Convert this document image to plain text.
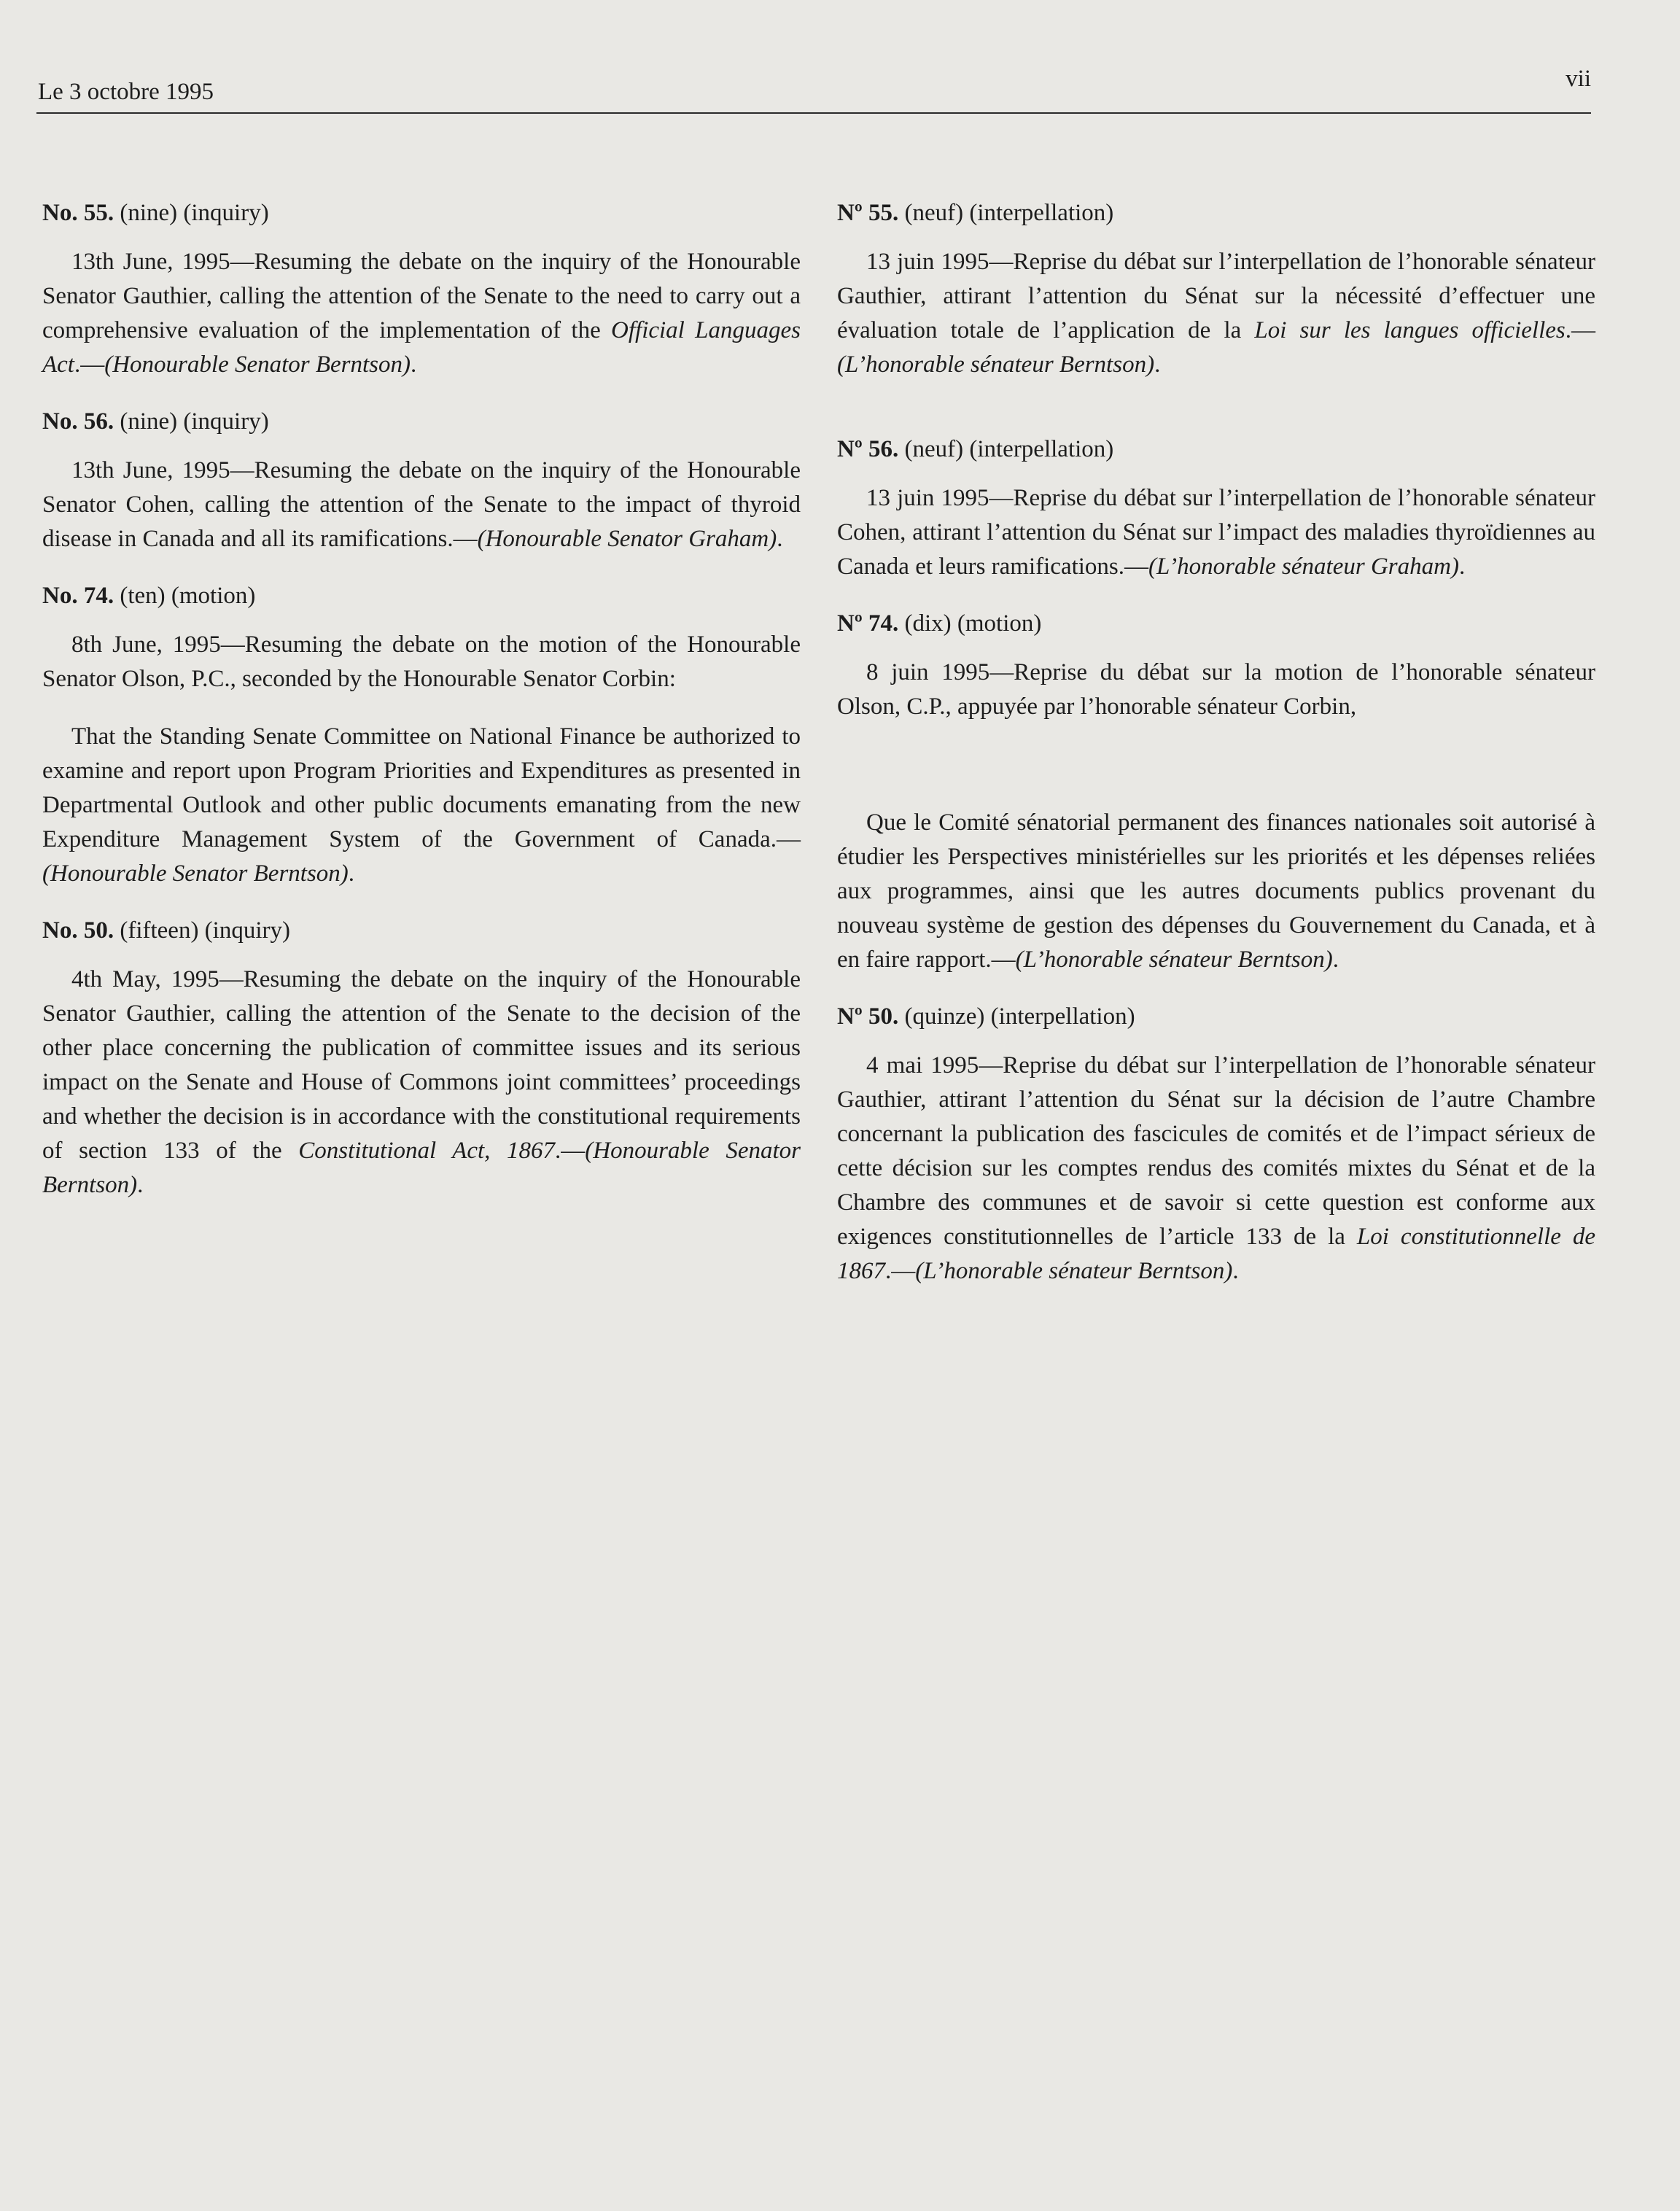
Le 3 octobre 1995	vii

No. 55. (nine) (inquiry)

13th June, 1995—Resuming the debate on the inquiry of the Honourable Senator Gauthier, calling the attention of the Senate to the need to carry out a comprehensive evaluation of the implementation of the Official Languages Act.—(Honourable Senator Berntson).

No. 56. (nine) (inquiry)

13th June, 1995—Resuming the debate on the inquiry of the Honourable Senator Cohen, calling the attention of the Senate to the impact of thyroid disease in Canada and all its ramifications.—(Honourable Senator Graham).

No. 74. (ten) (motion)

8th June, 1995—Resuming the debate on the motion of the Honourable Senator Olson, P.C., seconded by the Honourable Senator Corbin:

That the Standing Senate Committee on National Finance be authorized to examine and report upon Program Priorities and Expenditures as presented in Departmental Outlook and other public documents emanating from the new Expenditure Management System of the Government of Canada.—(Honourable Senator Berntson).

No. 50. (fifteen) (inquiry)

4th May, 1995—Resuming the debate on the inquiry of the Honourable Senator Gauthier, calling the attention of the Senate to the decision of the other place concerning the publication of committee issues and its serious impact on the Senate and House of Commons joint committees’ proceedings and whether the decision is in accordance with the constitutional requirements of section 133 of the Constitutional Act, 1867.—(Honourable Senator Berntson).

Nº 55. (neuf) (interpellation)

13 juin 1995—Reprise du débat sur l’interpellation de l’honorable sénateur Gauthier, attirant l’attention du Sénat sur la nécessité d’effectuer une évaluation totale de l’application de la Loi sur les langues officielles.—(L’honorable sénateur Berntson).

Nº 56. (neuf) (interpellation)

13 juin 1995—Reprise du débat sur l’interpellation de l’honorable sénateur Cohen, attirant l’attention du Sénat sur l’impact des maladies thyroïdiennes au Canada et leurs ramifications.—(L’honorable sénateur Graham).

Nº 74. (dix) (motion)

8 juin 1995—Reprise du débat sur la motion de l’honorable sénateur Olson, C.P., appuyée par l’honorable sénateur Corbin,

Que le Comité sénatorial permanent des finances nationales soit autorisé à étudier les Perspectives ministérielles sur les priorités et les dépenses reliées aux programmes, ainsi que les autres documents publics provenant du nouveau système de gestion des dépenses du Gouvernement du Canada, et à en faire rapport.—(L’honorable sénateur Berntson).

Nº 50. (quinze) (interpellation)

4 mai 1995—Reprise du débat sur l’interpellation de l’honorable sénateur Gauthier, attirant l’attention du Sénat sur la décision de l’autre Chambre concernant la publication des fascicules de comités et de l’impact sérieux de cette décision sur les comptes rendus des comités mixtes du Sénat et de la Chambre des communes et de savoir si cette question est conforme aux exigences constitutionnelles de l’article 133 de la Loi constitutionnelle de 1867.—(L’honorable sénateur Berntson).
